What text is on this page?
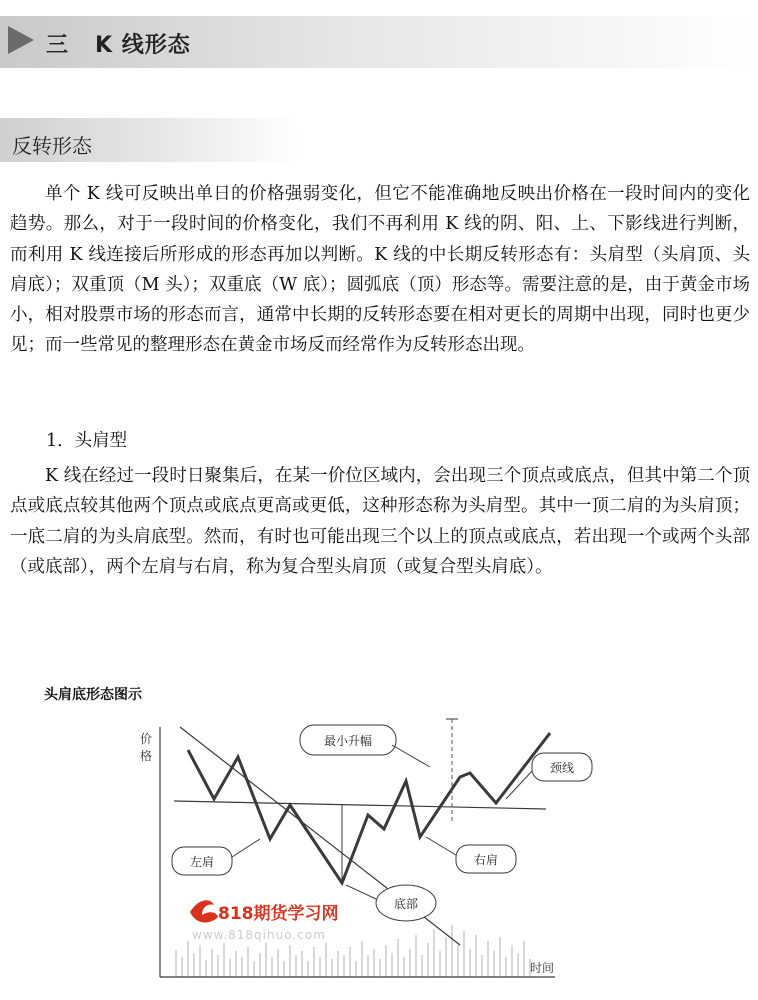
三 K 线形态
反转形态

单个 K 线可反映出单日的价格强弱变化，但它不能准确地反映出价格在一段时间内的变化趋势。那么，对于一段时间的价格变化，我们不再利用 K 线的阴、阳、上、下影线进行判断，而利用 K 线连接后所形成的形态再加以判断。K 线的中长期反转形态有：头肩型（头肩顶、头肩底）；双重顶（M 头）；双重底（W 底）；圆弧底（顶）形态等。需要注意的是，由于黄金市场小，相对股票市场的形态而言，通常中长期的反转形态要在相对更长的周期中出现，同时也更少见；而一些常见的整理形态在黄金市场反而经常作为反转形态出现。

1．头肩型

K 线在经过一段时日聚集后，在某一价位区域内，会出现三个顶点或底点，但其中第二个顶点或底点较其他两个顶点或底点更高或更低，这种形态称为头肩型。其中一顶二肩的为头肩顶；一底二肩的为头肩底型。然而，有时也可能出现三个以上的顶点或底点，若出现一个或两个头部（或底部），两个左肩与右肩，称为复合型头肩顶（或复合型头肩底）。

头肩底形态图示
价
格
时间
最小升幅
颈线
左肩	右肩
底部
818期货学习网
www.818qihuo.com
